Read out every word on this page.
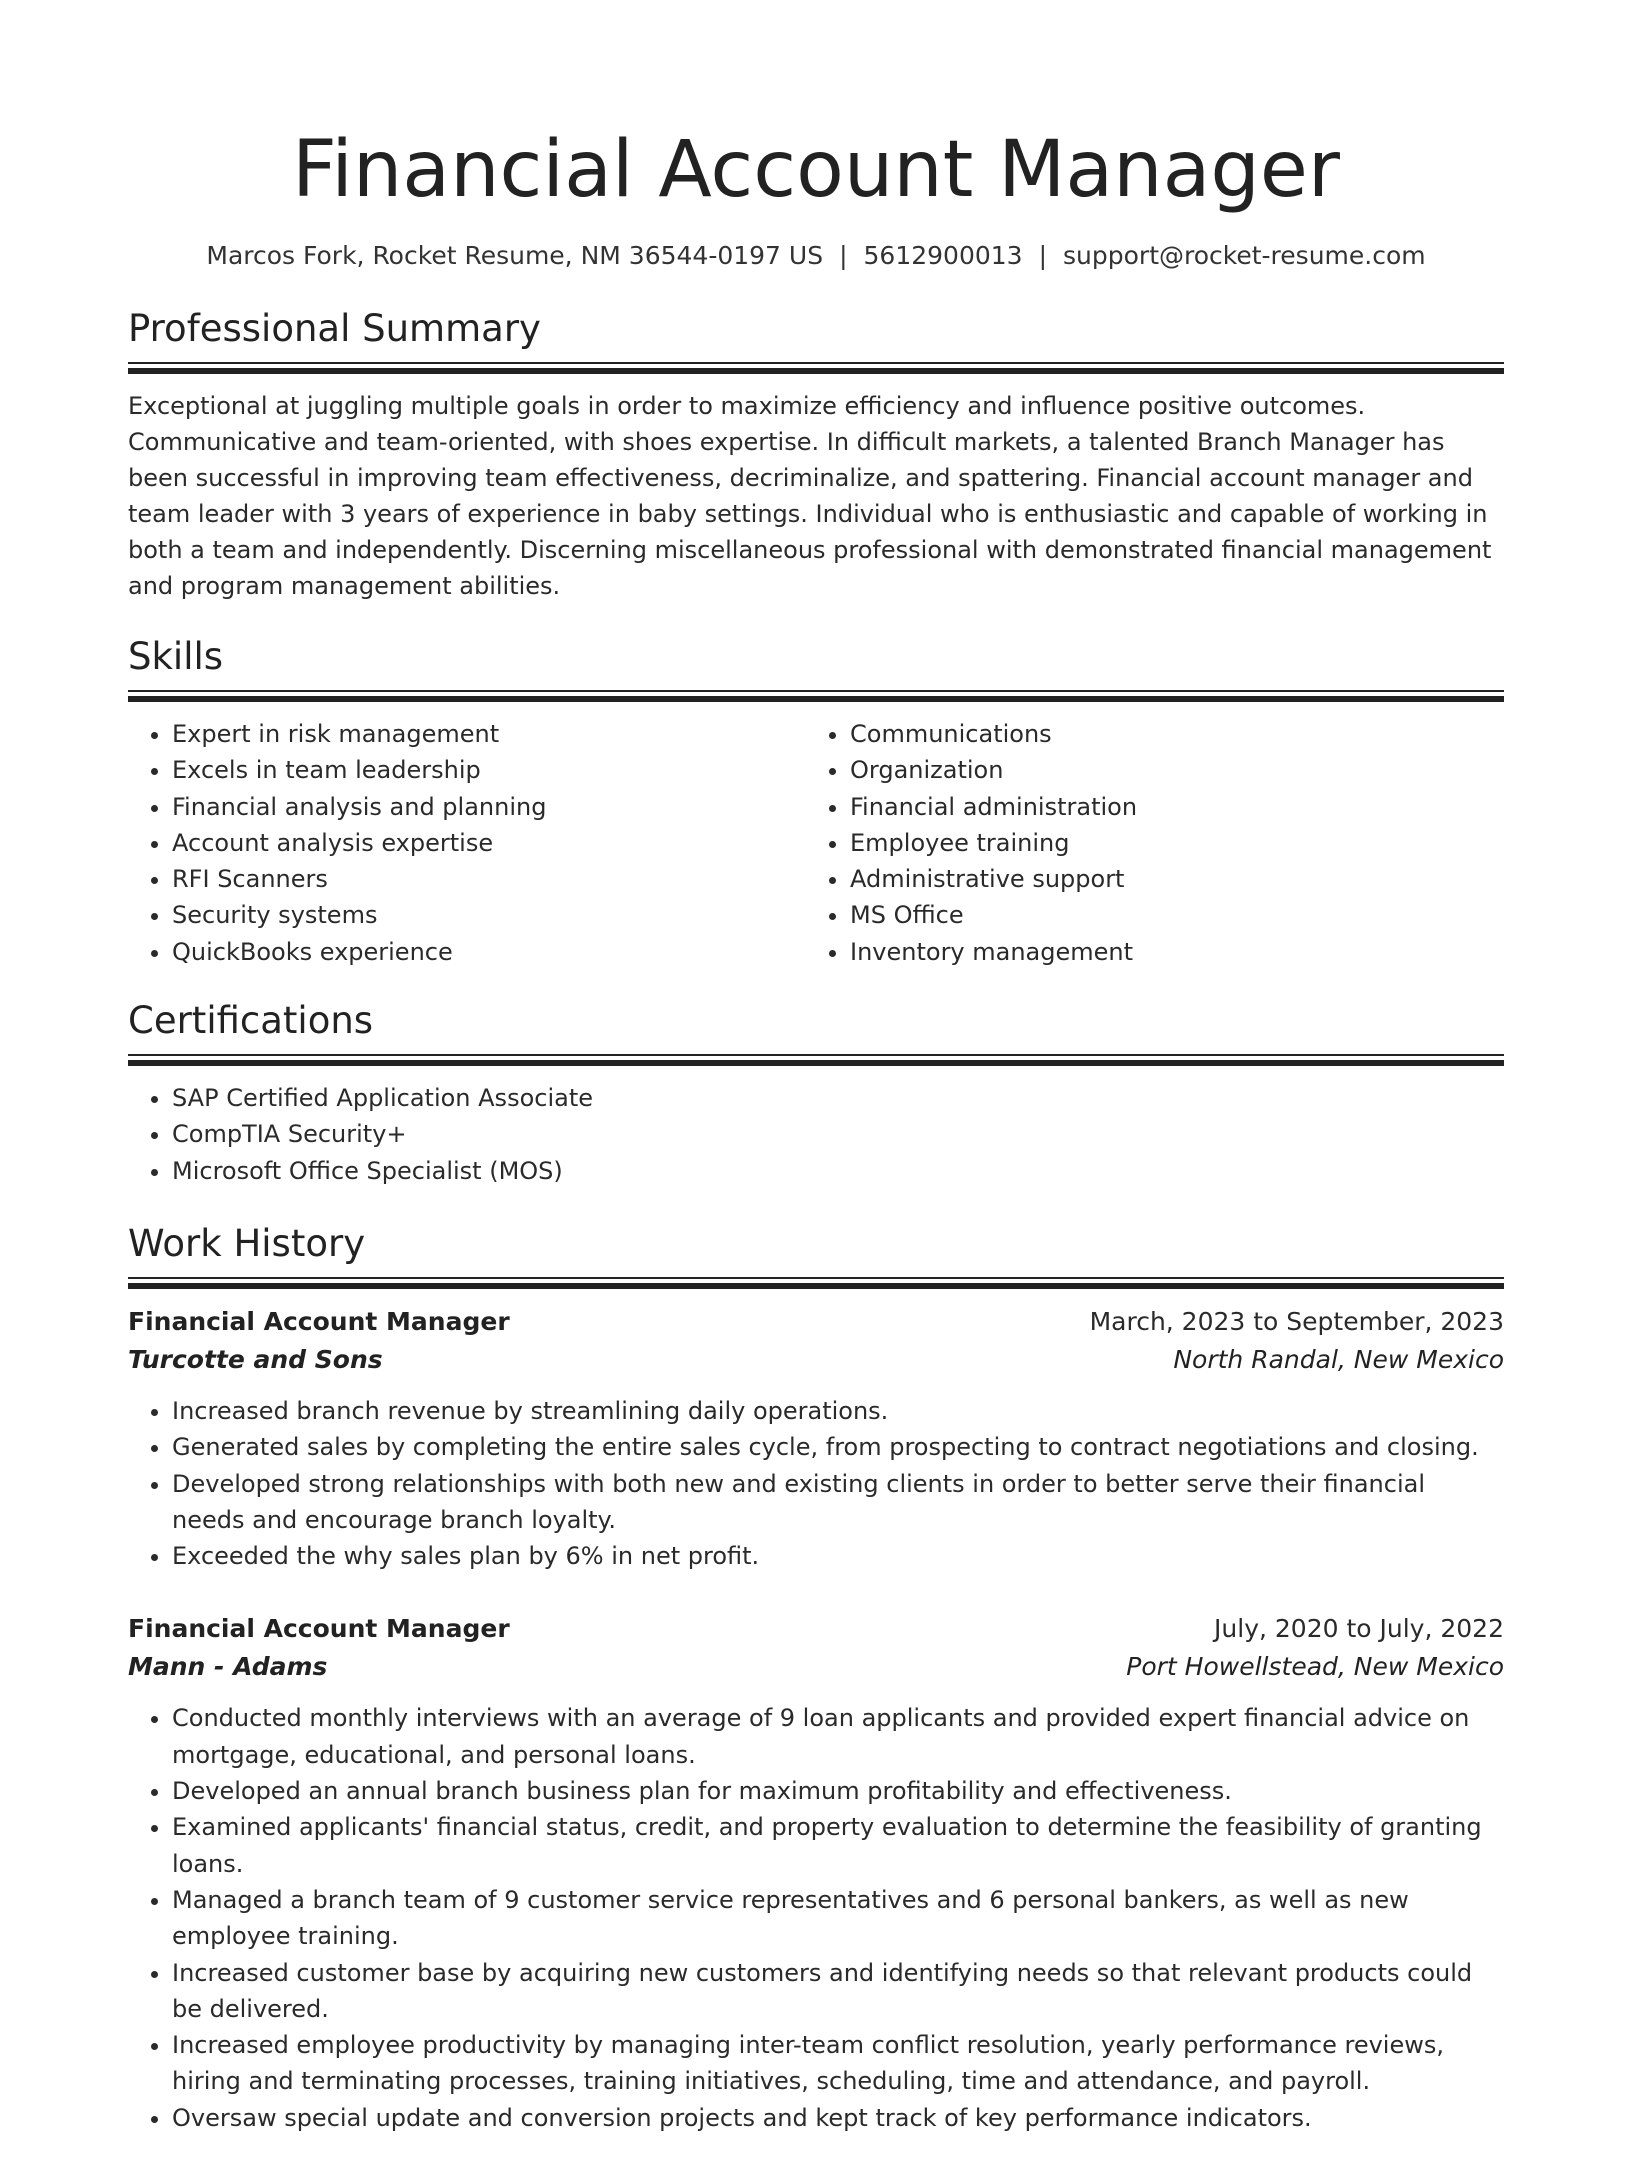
Financial Account Manager
Marcos Fork, Rocket Resume, NM 36544-0197 US | 5612900013 | support@rocket-resume.com
Professional Summary

Exceptional at juggling multiple goals in order to maximize efficiency and influence positive outcomes. Communicative and team-oriented, with shoes expertise. In difficult markets, a talented Branch Manager has been successful in improving team effectiveness, decriminalize, and spattering. Financial account manager and team leader with 3 years of experience in baby settings. Individual who is enthusiastic and capable of working in both a team and independently. Discerning miscellaneous professional with demonstrated financial management and program management abilities.

Skills
• Expert in risk management
• Excels in team leadership
• Financial analysis and planning
• Account analysis expertise
• RFI Scanners
• Security systems
• QuickBooks experience
• Communications
• Organization
• Financial administration
• Employee training
• Administrative support
• MS Office
• Inventory management
Certifications
• SAP Certified Application Associate
• CompTIA Security+
• Microsoft Office Specialist (MOS)
Work History
Financial Account Manager	March, 2023 to September, 2023
Turcotte and Sons	North Randal, New Mexico
• Increased branch revenue by streamlining daily operations.
• Generated sales by completing the entire sales cycle, from prospecting to contract negotiations and closing.
• Developed strong relationships with both new and existing clients in order to better serve their financial needs and encourage branch loyalty.
• Exceeded the why sales plan by 6% in net profit.
Financial Account Manager	July, 2020 to July, 2022
Mann - Adams	Port Howellstead, New Mexico
• Conducted monthly interviews with an average of 9 loan applicants and provided expert financial advice on mortgage, educational, and personal loans.
• Developed an annual branch business plan for maximum profitability and effectiveness.
• Examined applicants' financial status, credit, and property evaluation to determine the feasibility of granting loans.
• Managed a branch team of 9 customer service representatives and 6 personal bankers, as well as new employee training.
• Increased customer base by acquiring new customers and identifying needs so that relevant products could be delivered.
• Increased employee productivity by managing inter-team conflict resolution, yearly performance reviews, hiring and terminating processes, training initiatives, scheduling, time and attendance, and payroll.
• Oversaw special update and conversion projects and kept track of key performance indicators.
